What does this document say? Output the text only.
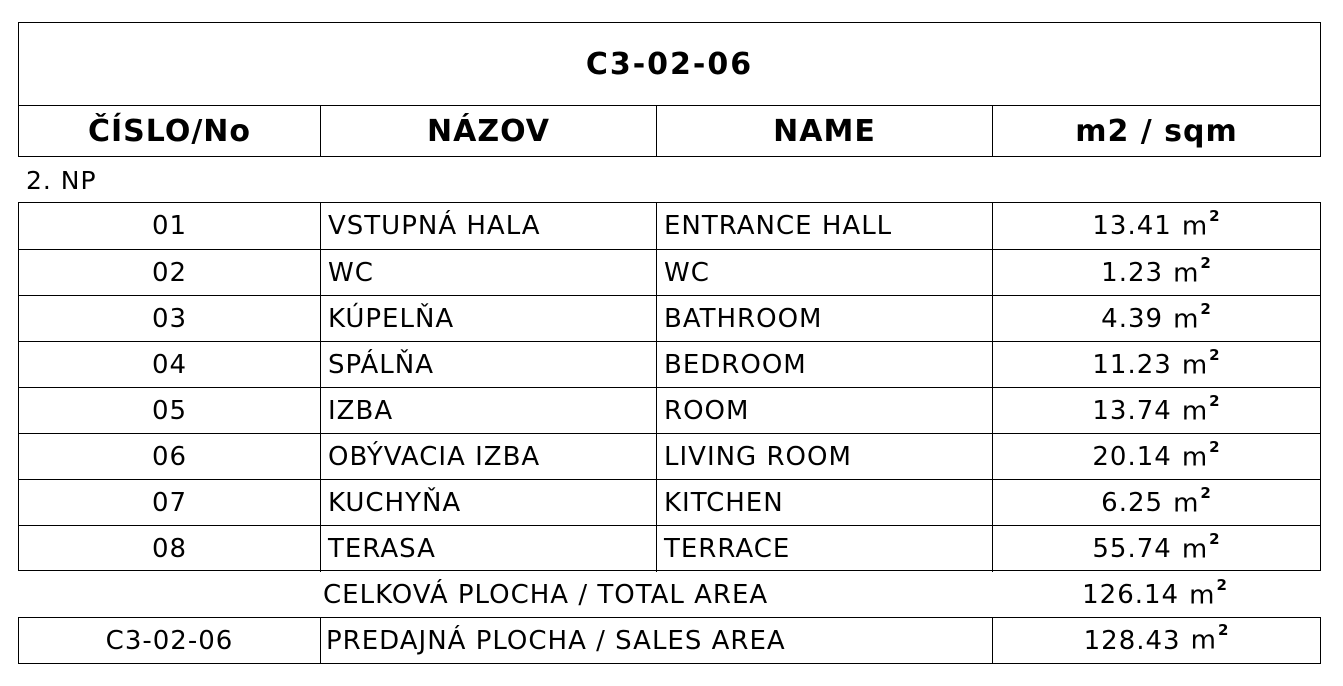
C3-02-06
ČÍSLO/No	NÁZOV	NAME	m2 / sqm
2. NP
01	VSTUPNÁ HALA	ENTRANCE HALL	13.41 $m^2$
02	WC	WC	1.23 $m^2$
03	KÚPELŇA	BATHROOM	4.39 $m^2$
04	SPÁLŇA	BEDROOM	11.23 $m^2$
05	IZBA	ROOM	13.74 $m^2$
06	OBÝVACIA IZBA	LIVING ROOM	20.14 $m^2$
07	KUCHYŇA	KITCHEN	6.25 $m^2$
08	TERASA	TERRACE	55.74 $m^2$
CELKOVÁ PLOCHA / TOTAL AREA	126.14 $m^2$
C3-02-06	PREDAJNÁ PLOCHA / SALES AREA	128.43 $m^2$
